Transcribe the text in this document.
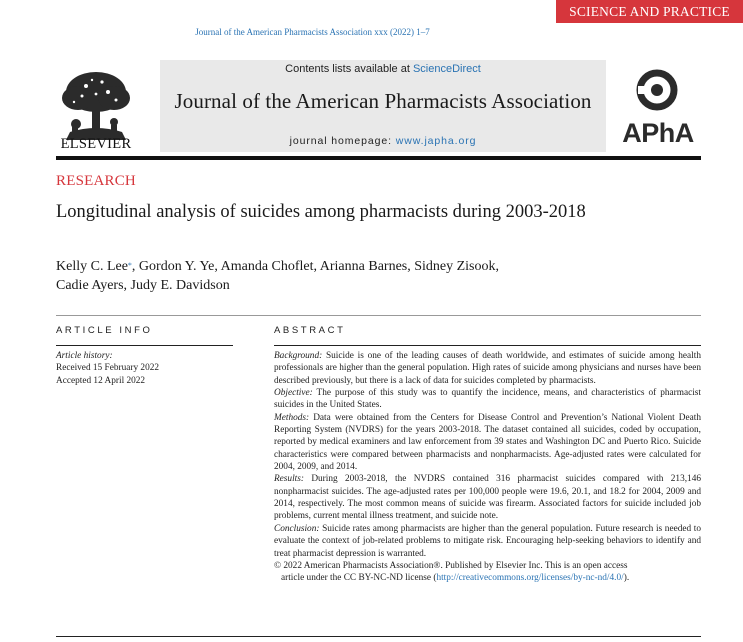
SCIENCE AND PRACTICE
Journal of the American Pharmacists Association xxx (2022) 1–7
ELSEVIER
Contents lists available at ScienceDirect
Journal of the American Pharmacists Association
journal homepage: www.japha.org	APhA
RESEARCH
Longitudinal analysis of suicides among pharmacists during 2003-2018
Kelly C. Lee*, Gordon Y. Ye, Amanda Choflet, Arianna Barnes, Sidney Zisook,
Cadie Ayers, Judy E. Davidson
ARTICLE INFO	ABSTRACT
Article history:
Received 15 February 2022
Accepted 12 April 2022

Background: Suicide is one of the leading causes of death worldwide, and estimates of suicide among health professionals are higher than the general population. High rates of suicide among physicians and nurses have been described previously, but there is a lack of data for suicides completed by pharmacists.

Objective: The purpose of this study was to quantify the incidence, means, and characteristics of pharmacist suicides in the United States.

Methods: Data were obtained from the Centers for Disease Control and Prevention’s National Violent Death Reporting System (NVDRS) for the years 2003-2018. The dataset contained all suicides, coded by occupation, reported by medical examiners and law enforcement from 39 states and Washington DC and Puerto Rico. Suicide characteristics were compared between pharmacists and nonpharmacists. Age-adjusted rates were calculated for 2004, 2009, and 2014.

Results: During 2003-2018, the NVDRS contained 316 pharmacist suicides compared with 213,146 nonpharmacist suicides. The age-adjusted rates per 100,000 people were 19.6, 20.1, and 18.2 for 2004, 2009 and 2014, respectively. The most common means of suicide was firearm. Associated factors for suicide included job problems, current mental illness treatment, and suicide note.

Conclusion: Suicide rates among pharmacists are higher than the general population. Future research is needed to evaluate the context of job-related problems to mitigate risk. Encouraging help-seeking behaviors to identify and treat pharmacist depression is warranted.

© 2022 American Pharmacists Association®. Published by Elsevier Inc. This is an open access
article under the CC BY-NC-ND license (http://creativecommons.org/licenses/by-nc-nd/4.0/).
